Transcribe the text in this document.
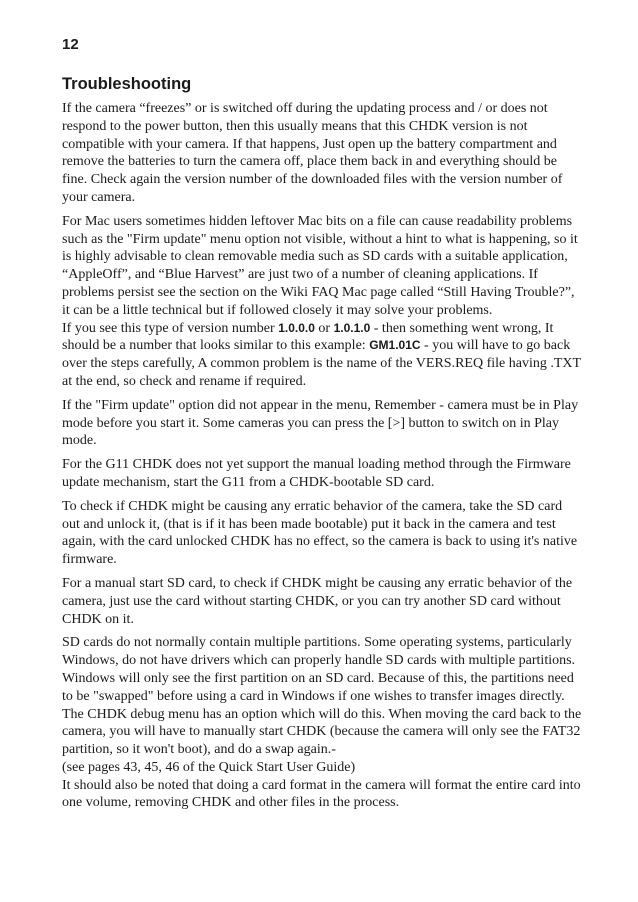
12
Troubleshooting

If the camera “freezes” or is switched off during the updating process and / or does not respond to the power button, then this usually means that this CHDK version is not compatible with your camera. If that happens, Just open up the battery compartment and remove the batteries to turn the camera off, place them back in and everything should be fine. Check again the version number of the downloaded files with the version number of your camera.

For Mac users sometimes hidden leftover Mac bits on a file can cause readability problems such as the "Firm update" menu option not visible, without a hint to what is happening, so it is highly advisable to clean removable media such as SD cards with a suitable application, “AppleOff”, and “Blue Harvest” are just two of a number of cleaning applications. If problems persist see the section on the Wiki FAQ Mac page called “Still Having Trouble?”, it can be a little technical but if followed closely it may solve your problems.

If you see this type of version number 1.0.0.0 or 1.0.1.0 - then something went wrong, It should be a number that looks similar to this example: GM1.01C - you will have to go back over the steps carefully, A common problem is the name of the VERS.REQ file having .TXT at the end, so check and rename if required.

If the "Firm update" option did not appear in the menu, Remember - camera must be in Play mode before you start it. Some cameras you can press the [>] button to switch on in Play mode.

For the G11 CHDK does not yet support the manual loading method through the Firmware update mechanism, start the G11 from a CHDK-bootable SD card.

To check if CHDK might be causing any erratic behavior of the camera, take the SD card out and unlock it, (that is if it has been made bootable) put it back in the camera and test again, with the card unlocked CHDK has no effect, so the camera is back to using it's native firmware.

For a manual start SD card, to check if CHDK might be causing any erratic behavior of the camera, just use the card without starting CHDK, or you can try another SD card without CHDK on it.

SD cards do not normally contain multiple partitions. Some operating systems, particularly Windows, do not have drivers which can properly handle SD cards with multiple partitions. Windows will only see the first partition on an SD card. Because of this, the partitions need to be "swapped" before using a card in Windows if one wishes to transfer images directly. The CHDK debug menu has an option which will do this. When moving the card back to the camera, you will have to manually start CHDK (because the camera will only see the FAT32 partition, so it won't boot), and do a swap again.-

(see pages 43, 45, 46 of the Quick Start User Guide)

It should also be noted that doing a card format in the camera will format the entire card into one volume, removing CHDK and other files in the process.
